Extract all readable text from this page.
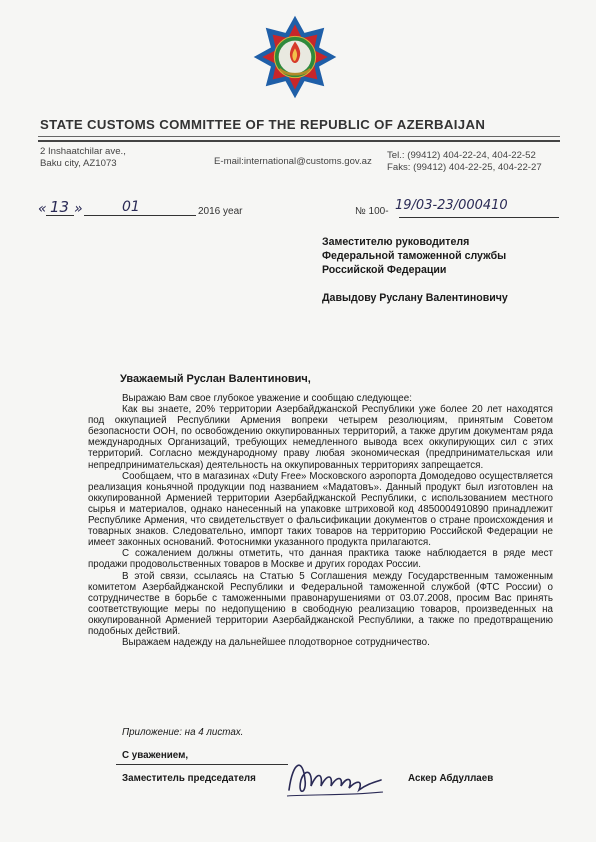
STATE CUSTOMS COMMITTEE OF THE REPUBLIC OF AZERBAIJAN
2 Inshaatchilar ave.,
Baku city, AZ1073	E-mail:international@customs.gov.az
Tel.: (99412) 404-22-24, 404-22-52
Faks: (99412) 404-22-25, 404-22-27
« 13 »	01	2016 year	№ 100- 19/03-23/000410
Заместителю руководителя
Федеральной таможенной службы
Российской Федерации
Давыдову Руслану Валентиновичу
Уважаемый Руслан Валентинович,

Выражаю Вам свое глубокое уважение и сообщаю следующее:

Как вы знаете, 20% территории Азербайджанской Республики уже более 20 лет находятся под оккупацией Республики Армения вопреки четырем резолюциям, принятым Советом безопасности ООН, по освобождению оккупированных территорий, а также другим документам ряда международных Организаций, требующих немедленного вывода всех оккупирующих сил с этих территорий. Согласно международному праву любая экономическая (предпринимательская или непредпринимательская) деятельность на оккупированных территориях запрещается.

Сообщаем, что в магазинах «Duty Free» Московского аэропорта Домодедово осуществляется реализация коньячной продукции под названием «Мадатовъ». Данный продукт был изготовлен на оккупированной Арменией территории Азербайджанской Республики, с использованием местного сырья и материалов, однако нанесенный на упаковке штриховой код 4850004910890 принадлежит Республике Армения, что свидетельствует о фальсификации документов о стране происхождения и товарных знаков. Следовательно, импорт таких товаров на территорию Российской Федерации не имеет законных оснований. Фотоснимки указанного продукта прилагаются.

С сожалением должны отметить, что данная практика также наблюдается в ряде мест продажи продовольственных товаров в Москве и других городах России.

В этой связи, ссылаясь на Статью 5 Соглашения между Государственным таможенным комитетом Азербайджанской Республики и Федеральной таможенной службой (ФТС России) о сотрудничестве в борьбе с таможенными правонарушениями от 03.07.2008, просим Вас принять соответствующие меры по недопущению в свободную реализацию товаров, произведенных на оккупированной Арменией территории Азербайджанской Республики, а также по предотвращению подобных действий.

Выражаем надежду на дальнейшее плодотворное сотрудничество.

Приложение: на 4 листах.
С уважением,
Заместитель председателя	Аскер Абдуллаев
